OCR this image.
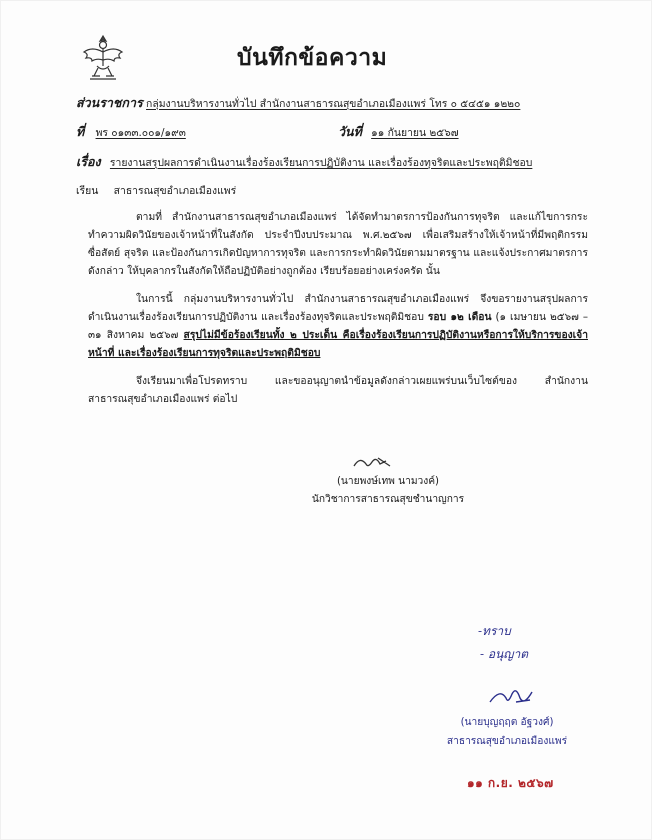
บันทึกข้อความ
ส่วนราชการ กลุ่มงานบริหารงานทั่วไป สำนักงานสาธารณสุขอำเภอเมืองแพร่ โทร ๐ ๕๔๕๑ ๑๒๒๐
ที่ พร ๐๑๓๓.๐๐๑/๑๙๓	วันที่ ๑๑ กันยายน ๒๕๖๗
เรื่อง รายงานสรุปผลการดำเนินงานเรื่องร้องเรียนการปฏิบัติงาน และเรื่องร้องทุจริตและประพฤติมิชอบ
เรียน สาธารณสุขอำเภอเมืองแพร่
ตามที่ สำนักงานสาธารณสุขอำเภอเมืองแพร่ ได้จัดทำมาตรการป้องกันการทุจริต และแก้ไขการกระทำความผิดวินัยของเจ้าหน้าที่ในสังกัด ประจำปีงบประมาณ พ.ศ.๒๕๖๗ เพื่อเสริมสร้างให้เจ้าหน้าที่มีพฤติกรรมซื่อสัตย์ สุจริต และป้องกันการเกิดปัญหาการทุจริต และการกระทำผิดวินัยตามมาตรฐาน และแจ้งประกาศมาตรการ ดังกล่าว ให้บุคลากรในสังกัดให้ถือปฏิบัติอย่างถูกต้อง เรียบร้อยอย่างเคร่งครัด นั้น
ในการนี้ กลุ่มงานบริหารงานทั่วไป สำนักงานสาธารณสุขอำเภอเมืองแพร่ จึงขอรายงานสรุปผลการดำเนินงานเรื่องร้องเรียนการปฏิบัติงาน และเรื่องร้องทุจริตและประพฤติมิชอบ รอบ ๑๒ เดือน (๑ เมษายน ๒๕๖๗ – ๓๑ สิงหาคม ๒๕๖๗ สรุปไม่มีข้อร้องเรียนทั้ง ๒ ประเด็น คือเรื่องร้องเรียนการปฏิบัติงานหรือการให้บริการของเจ้าหน้าที่ และเรื่องร้องเรียนการทุจริตและประพฤติมิชอบ
จึงเรียนมาเพื่อโปรดทราบ และขออนุญาตนำข้อมูลดังกล่าวเผยแพร่บนเว็บไซต์ของ สำนักงานสาธารณสุขอำเภอเมืองแพร่ ต่อไป
(นายพงษ์เทพ นามวงค์)
นักวิชาการสาธารณสุขชำนาญการ
-ทราบ
- อนุญาต
(นายบุญฤฤต อัฐวงศ์)
สาธารณสุขอำเภอเมืองแพร่
๑๑ ก.ย. ๒๕๖๗
